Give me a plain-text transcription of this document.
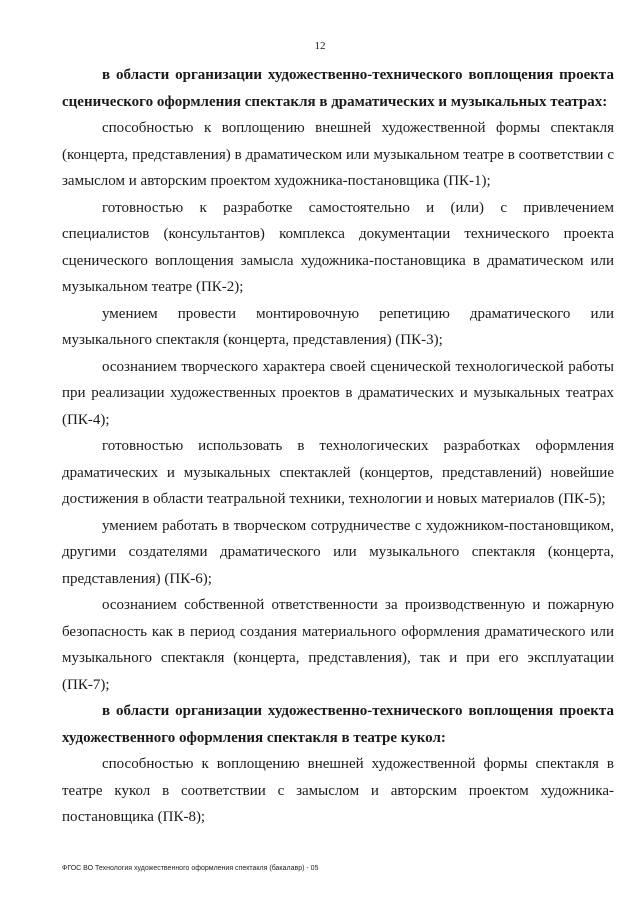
12

в области организации художественно-технического воплощения проекта сценического оформления спектакля в драматических и музыкальных театрах:

способностью к воплощению внешней художественной формы спектакля (концерта, представления) в драматическом или музыкальном театре в соответствии с замыслом и авторским проектом художника-постановщика (ПК-1);

готовностью к разработке самостоятельно и (или) с привлечением специалистов (консультантов) комплекса документации технического проекта сценического воплощения замысла художника-постановщика в драматическом или музыкальном театре (ПК-2);

умением провести монтировочную репетицию драматического или музыкального спектакля (концерта, представления) (ПК-3);

осознанием творческого характера своей сценической технологической работы при реализации художественных проектов в драматических и музыкальных театрах (ПК-4);

готовностью использовать в технологических разработках оформления драматических и музыкальных спектаклей (концертов, представлений) новейшие достижения в области театральной техники, технологии и новых материалов (ПК-5);

умением работать в творческом сотрудничестве с художником-постановщиком, другими создателями драматического или музыкального спектакля (концерта, представления) (ПК-6);

осознанием собственной ответственности за производственную и пожарную безопасность как в период создания материального оформления драматического или музыкального спектакля (концерта, представления), так и при его эксплуатации (ПК-7);

в области организации художественно-технического воплощения проекта художественного оформления спектакля в театре кукол:

способностью к воплощению внешней художественной формы спектакля в театре кукол в соответствии с замыслом и авторским проектом художника-постановщика (ПК-8);

ФГОС ВО Технология художественного оформления спектакля (бакалавр) - 05
